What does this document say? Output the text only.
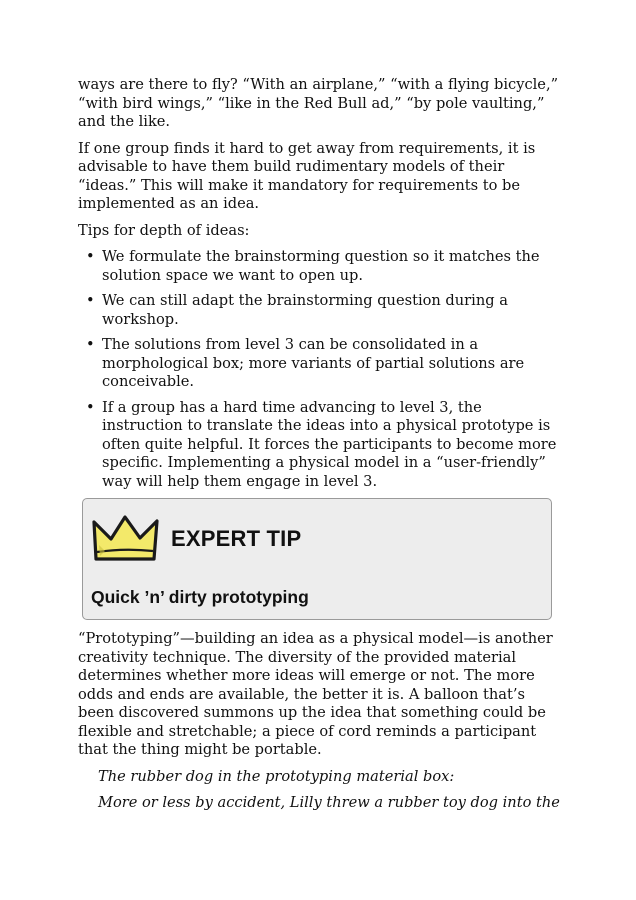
ways are there to fly? “With an airplane,” “with a flying bicycle,” “with bird wings,” “like in the Red Bull ad,” “by pole vaulting,” and the like.

If one group finds it hard to get away from requirements, it is advisable to have them build rudimentary models of their “ideas.” This will make it mandatory for requirements to be implemented as an idea.

Tips for depth of ideas:

• We formulate the brainstorming question so it matches the solution space we want to open up.
• We can still adapt the brainstorming question during a workshop.
• The solutions from level 3 can be consolidated in a morphological box; more variants of partial solutions are conceivable.
• If a group has a hard time advancing to level 3, the instruction to translate the ideas into a physical prototype is often quite helpful. It forces the participants to become more specific. Implementing a physical model in a “user-friendly” way will help them engage in level 3.
EXPERT TIP
Quick ’n’ dirty prototyping

“Prototyping”—building an idea as a physical model—is another creativity technique. The diversity of the provided material determines whether more ideas will emerge or not. The more odds and ends are available, the better it is. A balloon that’s been discovered summons up the idea that something could be flexible and stretchable; a piece of cord reminds a participant that the thing might be portable.

The rubber dog in the prototyping material box:

More or less by accident, Lilly threw a rubber toy dog into the
